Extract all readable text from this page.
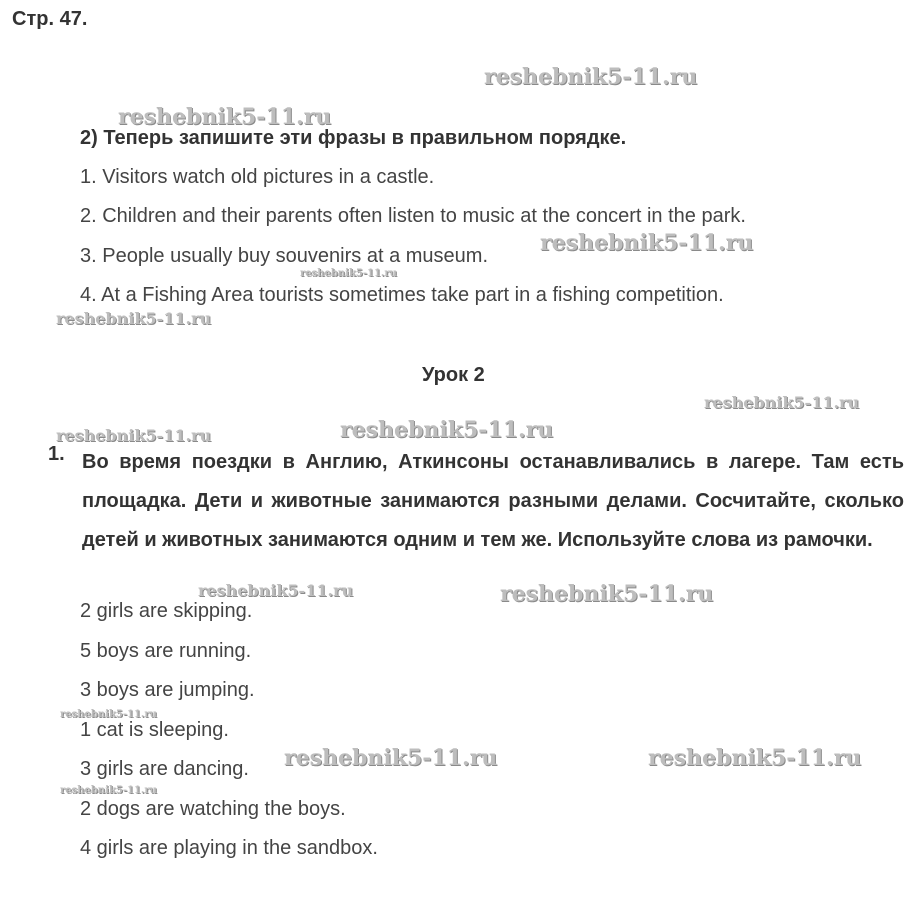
Стр. 47.
2) Теперь запишите эти фразы в правильном порядке.
1. Visitors watch old pictures in a castle.
2. Children and their parents often listen to music at the concert in the park.
3. People usually buy souvenirs at a museum.
4. At a Fishing Area tourists sometimes take part in a fishing competition.
Урок 2
1. Во время поездки в Англию, Аткинсоны останавливались в лагере. Там есть площадка. Дети и животные занимаются разными делами. Сосчитайте, сколько детей и животных занимаются одним и тем же. Используйте слова из рамочки.
2 girls are skipping.
5 boys are running.
3 boys are jumping.
1 cat is sleeping.
3 girls are dancing.
2 dogs are watching the boys.
4 girls are playing in the sandbox.
reshebnik5-11.ru
reshebnik5-11.ru
reshebnik5-11.ru
reshebnik5-11.ru
reshebnik5-11.ru
reshebnik5-11.ru
reshebnik5-11.ru
reshebnik5-11.ru
reshebnik5-11.ru	reshebnik5-11.ru
reshebnik5-11.ru
reshebnik5-11.ru	reshebnik5-11.ru
reshebnik5-11.ru
